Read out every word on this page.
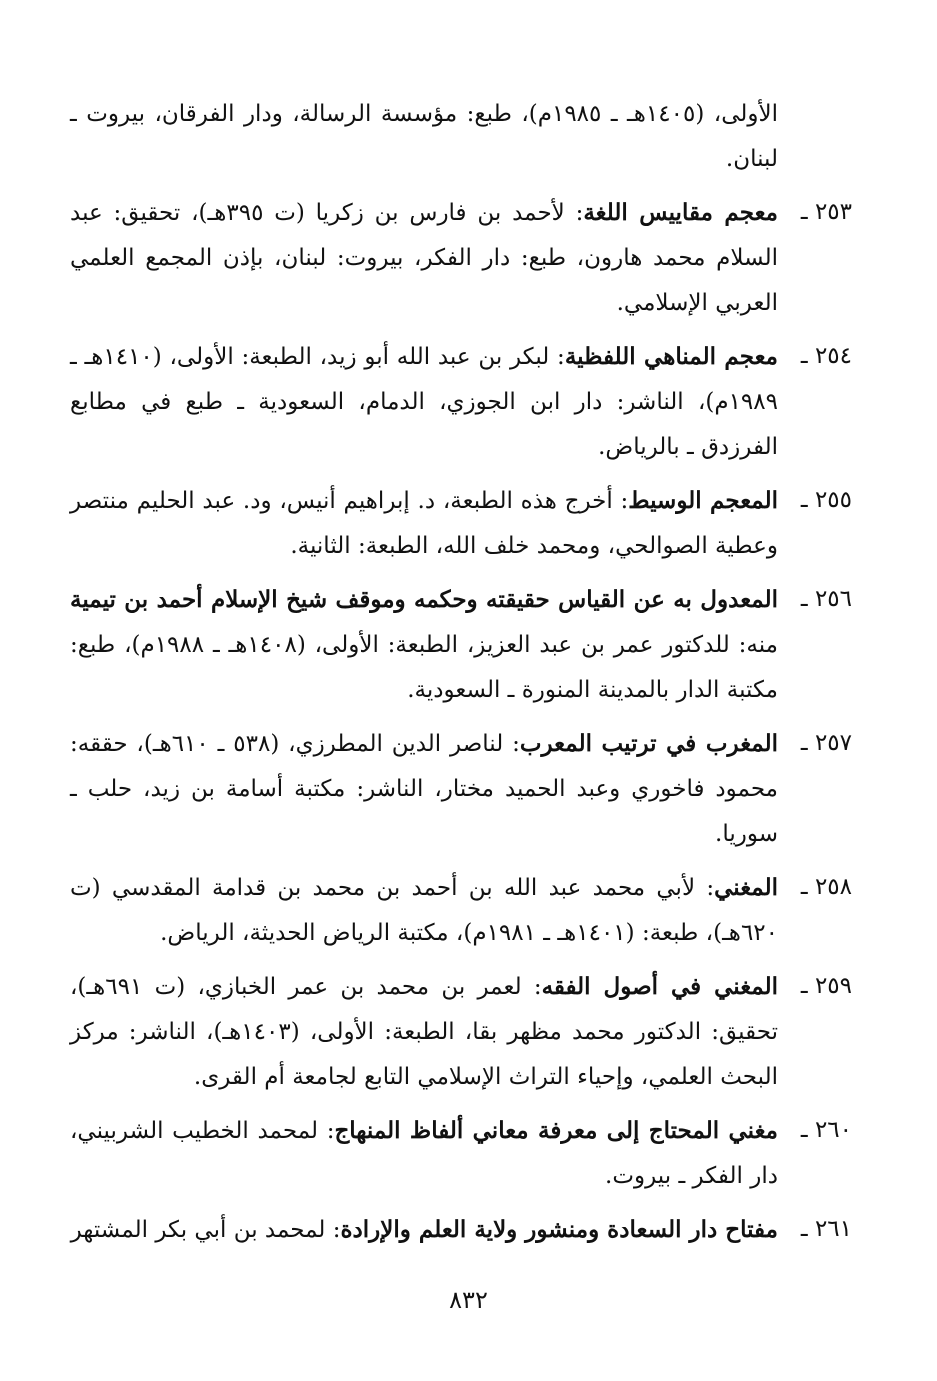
الأولى، (١٤٠٥هـ ـ ١٩٨٥م)، طبع: مؤسسة الرسالة، ودار الفرقان، بيروت ـ لبنان.
٢٥٣ ـ
معجم مقاييس اللغة: لأحمد بن فارس بن زكريا (ت ٣٩٥هـ)، تحقيق: عبد السلام محمد هارون، طبع: دار الفكر، بيروت: لبنان، بإذن المجمع العلمي العربي الإسلامي.
٢٥٤ ـ
معجم المناهي اللفظية: لبكر بن عبد الله أبو زيد، الطبعة: الأولى، (١٤١٠هـ ـ ١٩٨٩م)، الناشر: دار ابن الجوزي، الدمام، السعودية ـ طبع في مطابع الفرزدق ـ بالرياض.
٢٥٥ ـ
المعجم الوسيط: أخرج هذه الطبعة، د. إبراهيم أنيس، ود. عبد الحليم منتصر وعطية الصوالحي، ومحمد خلف الله، الطبعة: الثانية.
٢٥٦ ـ
المعدول به عن القياس حقيقته وحكمه وموقف شيخ الإسلام أحمد بن تيمية منه: للدكتور عمر بن عبد العزيز، الطبعة: الأولى، (١٤٠٨هـ ـ ١٩٨٨م)، طبع: مكتبة الدار بالمدينة المنورة ـ السعودية.
٢٥٧ ـ
المغرب في ترتيب المعرب: لناصر الدين المطرزي، (٥٣٨ ـ ٦١٠هـ)، حققه: محمود فاخوري وعبد الحميد مختار، الناشر: مكتبة أسامة بن زيد، حلب ـ سوريا.
٢٥٨ ـ
المغني: لأبي محمد عبد الله بن أحمد بن محمد بن قدامة المقدسي (ت ٦٢٠هـ)، طبعة: (١٤٠١هـ ـ ١٩٨١م)، مكتبة الرياض الحديثة، الرياض.
٢٥٩ ـ
المغني في أصول الفقه: لعمر بن محمد بن عمر الخبازي، (ت ٦٩١هـ)، تحقيق: الدكتور محمد مظهر بقا، الطبعة: الأولى، (١٤٠٣هـ)، الناشر: مركز البحث العلمي، وإحياء التراث الإسلامي التابع لجامعة أم القرى.
٢٦٠ ـ
مغني المحتاج إلى معرفة معاني ألفاظ المنهاج: لمحمد الخطيب الشربيني، دار الفكر ـ بيروت.
٢٦١ ـ
مفتاح دار السعادة ومنشور ولاية العلم والإرادة: لمحمد بن أبي بكر المشتهر
٨٣٢
